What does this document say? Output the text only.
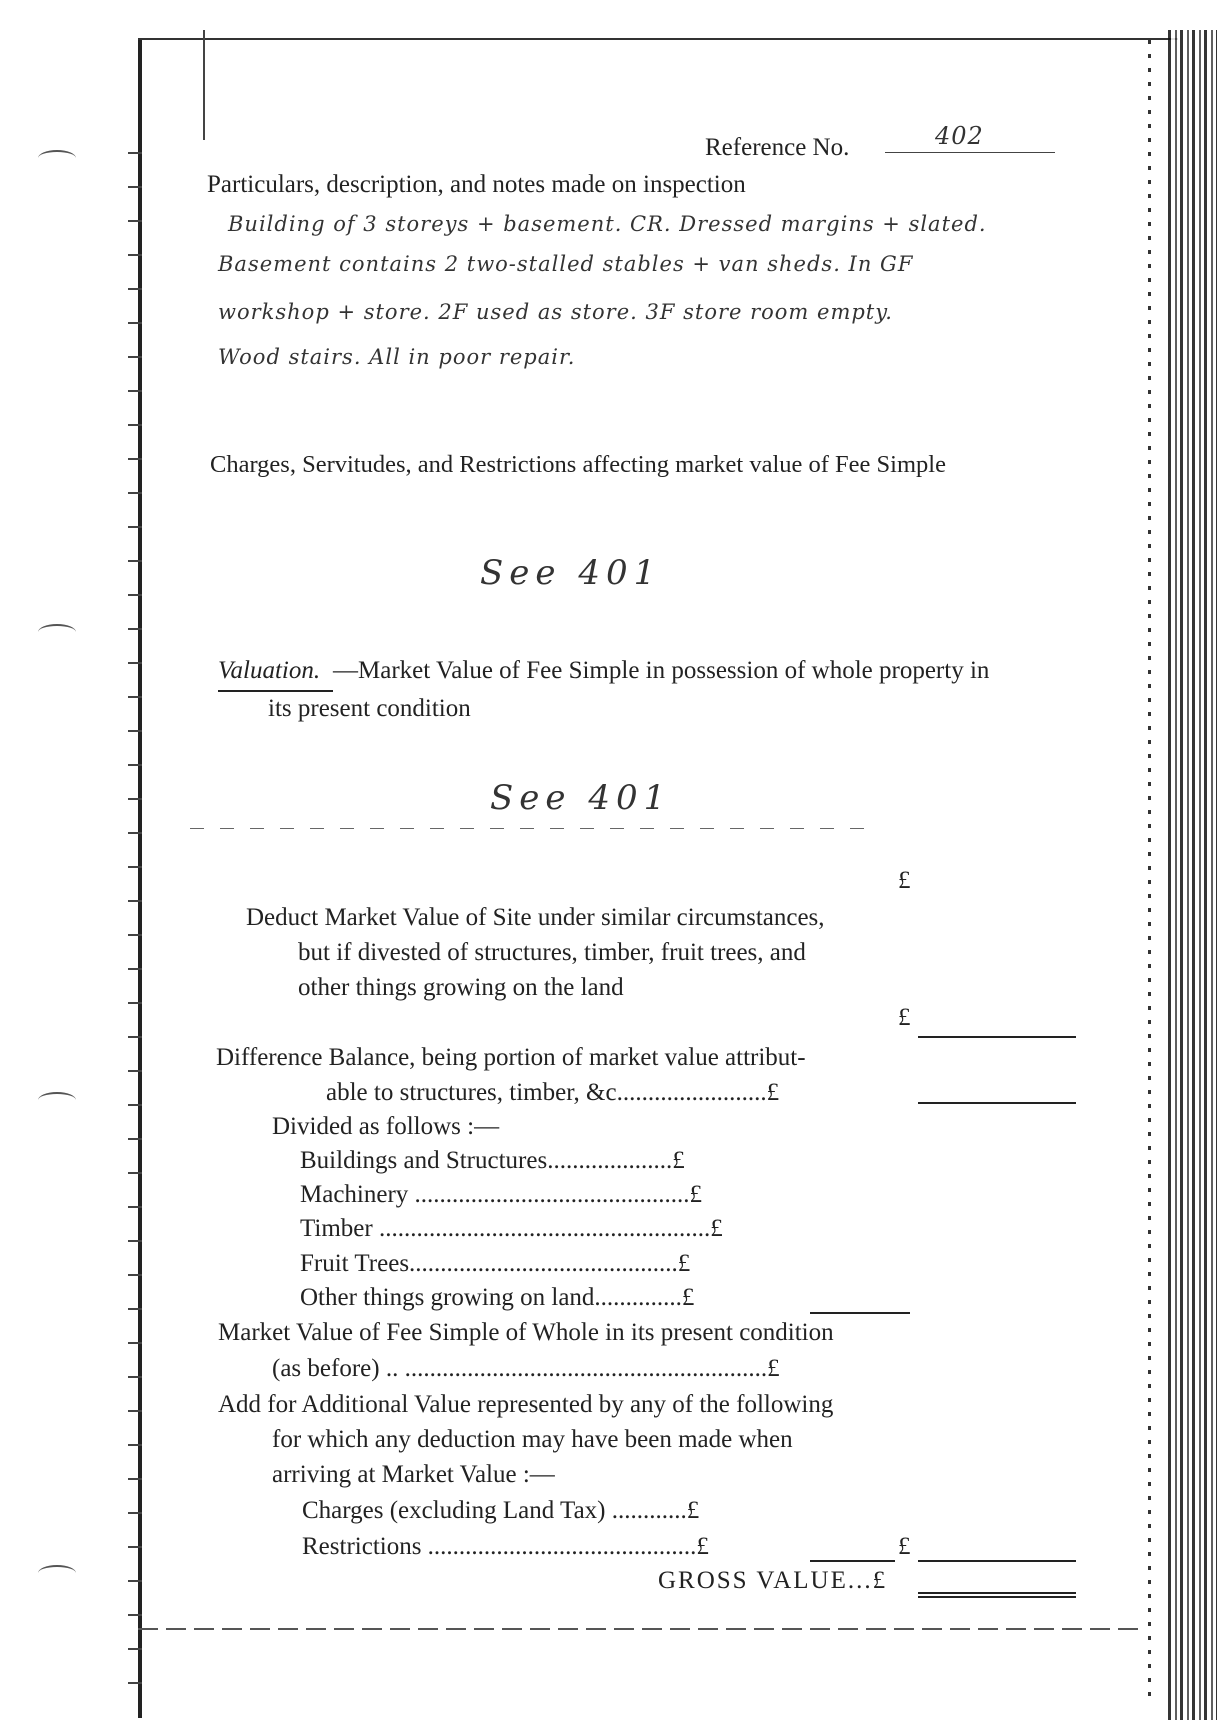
Reference No.	402
Particulars, description, and notes made on inspection
Building of 3 storeys + basement. CR. Dressed margins + slated.
Basement contains 2 two-stalled stables + van sheds. In GF
workshop + store. 2F used as store. 3F store room empty.
Wood stairs. All in poor repair.
Charges, Servitudes, and Restrictions affecting market value of Fee Simple
See 401
Valuation. —Market Value of Fee Simple in possession of whole property in
its present condition
See 401
£
Deduct Market Value of Site under similar circumstances,
but if divested of structures, timber, fruit trees, and
other things growing on the land
£
Difference Balance, being portion of market value attribut-
able to structures, timber, &c........................£
Divided as follows :—
Buildings and Structures....................£
Machinery ............................................£
Timber .....................................................£
Fruit Trees...........................................£
Other things growing on land..............£
Market Value of Fee Simple of Whole in its present condition
(as before) .. ..........................................................£
Add for Additional Value represented by any of the following
for which any deduction may have been made when
arriving at Market Value :—
Charges (excluding Land Tax) ............£
Restrictions ...........................................£	£
GROSS VALUE...£
